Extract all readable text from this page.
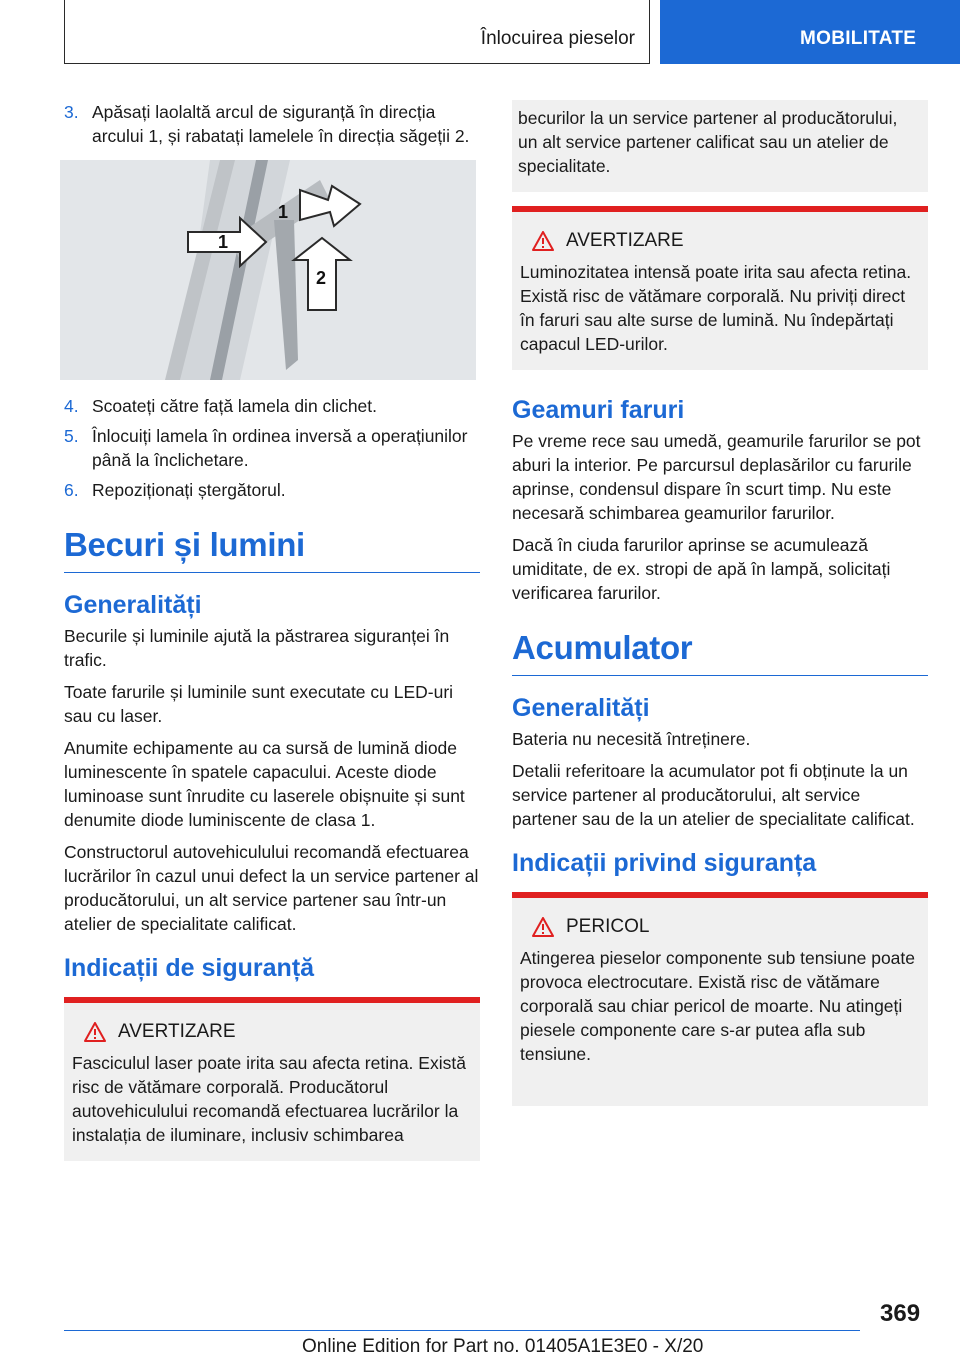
Înlocuirea pieselor	MOBILITATE
3. Apăsați laolaltă arcul de siguranță în direcția arcului 1, și rabatați lamelele în direcția săgeții 2.
1
1
2
4. Scoateți către față lamela din clichet.
5. Înlocuiți lamela în ordinea inversă a operațiunilor până la înclichetare.
6. Repoziționați ștergătorul.
Becuri și lumini
Generalități

Becurile și luminile ajută la păstrarea siguranței în trafic.

Toate farurile și luminile sunt executate cu LED-uri sau cu laser.

Anumite echipamente au ca sursă de lumină diode luminescente în spatele capacului. Aceste diode luminoase sunt înrudite cu laserele obișnuite și sunt denumite diode luminiscente de clasa 1.

Constructorul autovehiculului recomandă efectuarea lucrărilor în cazul unui defect la un service partener al producătorului, un alt service partener sau într-un atelier de specialitate calificat.

Indicații de siguranță
AVERTIZARE

Fasciculul laser poate irita sau afecta retina. Există risc de vătămare corporală. Producătorul autovehiculului recomandă efectuarea lucrărilor la instalația de iluminare, inclusiv schimbarea

becurilor la un service partener al producătorului, un alt service partener calificat sau un atelier de specialitate.

AVERTIZARE

Luminozitatea intensă poate irita sau afecta retina. Există risc de vătămare corporală. Nu priviți direct în faruri sau alte surse de lumină. Nu îndepărtați capacul LED-urilor.

Geamuri faruri

Pe vreme rece sau umedă, geamurile farurilor se pot aburi la interior. Pe parcursul deplasărilor cu farurile aprinse, condensul dispare în scurt timp. Nu este necesară schimbarea geamurilor farurilor.

Dacă în ciuda farurilor aprinse se acumulează umiditate, de ex. stropi de apă în lampă, solicitați verificarea farurilor.

Acumulator
Generalități

Bateria nu necesită întreținere.

Detalii referitoare la acumulator pot fi obținute la un service partener al producătorului, alt service partener sau de la un atelier de specialitate calificat.

Indicații privind siguranța
PERICOL

Atingerea pieselor componente sub tensiune poate provoca electrocutare. Există risc de vătămare corporală sau chiar pericol de moarte. Nu atingeți piesele componente care s-ar putea afla sub tensiune.

369
Online Edition for Part no. 01405A1E3E0 - X/20
